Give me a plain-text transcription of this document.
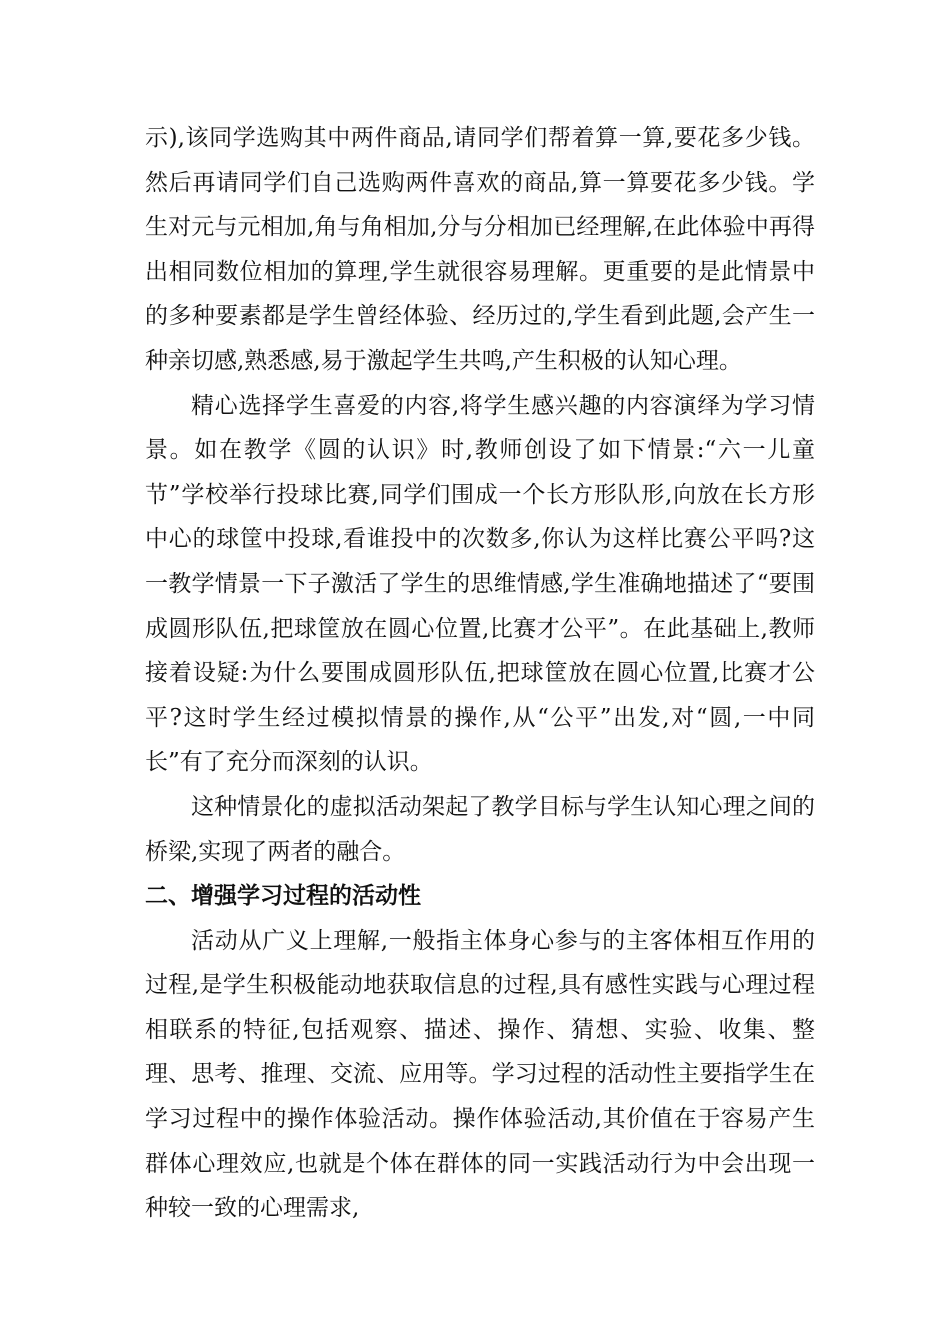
示),该同学选购其中两件商品,请同学们帮着算一算,要花多少钱。然后再请同学们自己选购两件喜欢的商品,算一算要花多少钱。学生对元与元相加,角与角相加,分与分相加已经理解,在此体验中再得出相同数位相加的算理,学生就很容易理解。更重要的是此情景中的多种要素都是学生曾经体验、经历过的,学生看到此题,会产生一种亲切感,熟悉感,易于激起学生共鸣,产生积极的认知心理。

精心选择学生喜爱的内容,将学生感兴趣的内容演绎为学习情景。如在教学《圆的认识》时,教师创设了如下情景:“六一儿童节”学校举行投球比赛,同学们围成一个长方形队形,向放在长方形中心的球筐中投球,看谁投中的次数多,你认为这样比赛公平吗?这一教学情景一下子激活了学生的思维情感,学生准确地描述了“要围成圆形队伍,把球筐放在圆心位置,比赛才公平”。在此基础上,教师接着设疑:为什么要围成圆形队伍,把球筐放在圆心位置,比赛才公平?这时学生经过模拟情景的操作,从“公平”出发,对“圆,一中同长”有了充分而深刻的认识。

这种情景化的虚拟活动架起了教学目标与学生认知心理之间的桥梁,实现了两者的融合。

二、增强学习过程的活动性

活动从广义上理解,一般指主体身心参与的主客体相互作用的过程,是学生积极能动地获取信息的过程,具有感性实践与心理过程相联系的特征,包括观察、描述、操作、猜想、实验、收集、整理、思考、推理、交流、应用等。学习过程的活动性主要指学生在学习过程中的操作体验活动。操作体验活动,其价值在于容易产生群体心理效应,也就是个体在群体的同一实践活动行为中会出现一种较一致的心理需求,
